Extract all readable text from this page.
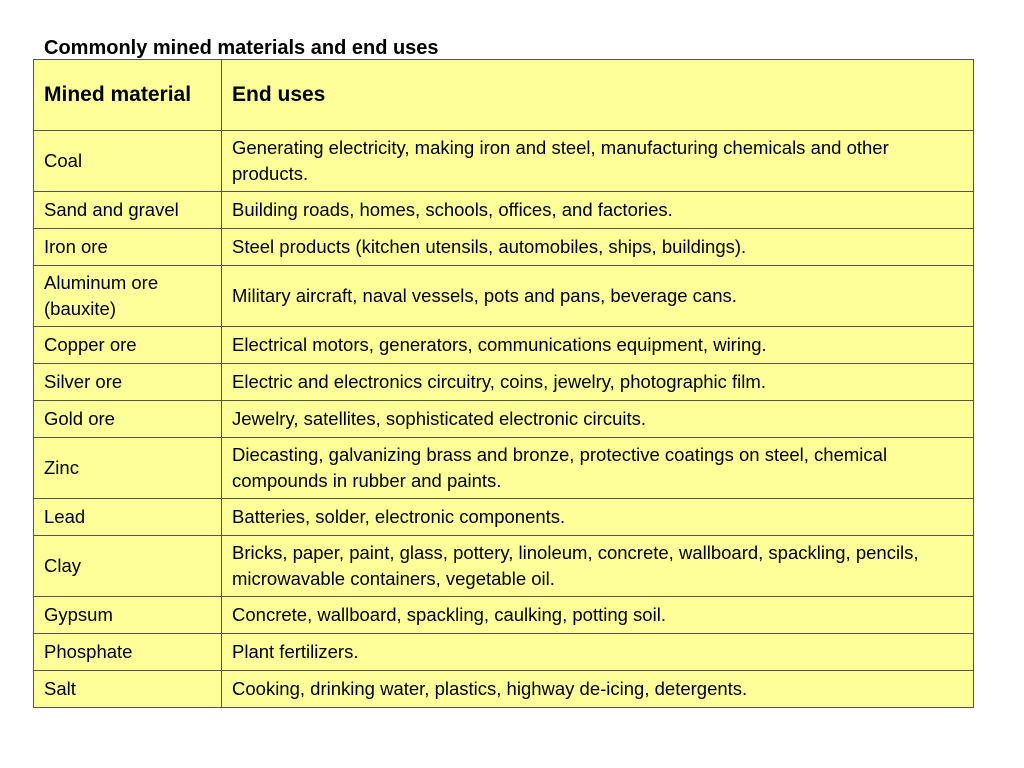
Commonly mined materials and end uses
Mined material	End uses
Coal	Generating electricity, making iron and steel, manufacturing chemicals and other products.
Sand and gravel	Building roads, homes, schools, offices, and factories.
Iron ore	Steel products (kitchen utensils, automobiles, ships, buildings).
Aluminum ore (bauxite)	Military aircraft, naval vessels, pots and pans, beverage cans.
Copper ore	Electrical motors, generators, communications equipment, wiring.
Silver ore	Electric and electronics circuitry, coins, jewelry, photographic film.
Gold ore	Jewelry, satellites, sophisticated electronic circuits.
Zinc	Diecasting, galvanizing brass and bronze, protective coatings on steel, chemical compounds in rubber and paints.
Lead	Batteries, solder, electronic components.
Clay	Bricks, paper, paint, glass, pottery, linoleum, concrete, wallboard, spackling, pencils, microwavable containers, vegetable oil.
Gypsum	Concrete, wallboard, spackling, caulking, potting soil.
Phosphate	Plant fertilizers.
Salt	Cooking, drinking water, plastics, highway de-icing, detergents.
